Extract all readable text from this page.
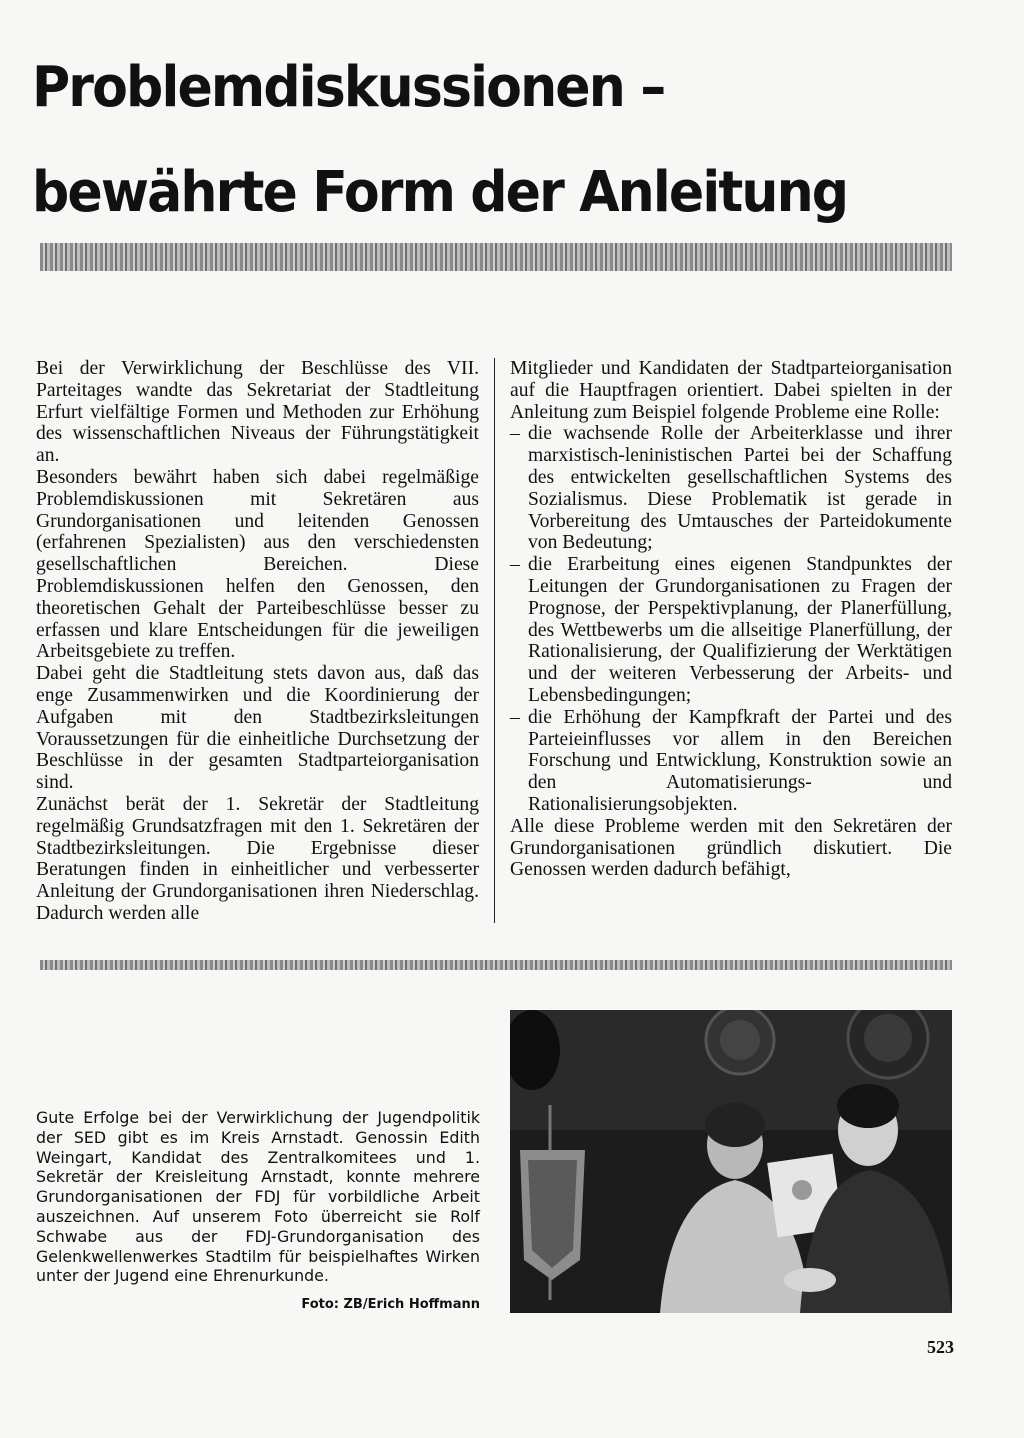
Problemdiskussionen –
bewährte Form der Anleitung

Bei der Verwirklichung der Beschlüsse des VII. Parteitages wandte das Sekretariat der Stadtleitung Erfurt vielfältige Formen und Methoden zur Erhöhung des wissenschaftlichen Niveaus der Führungstätigkeit an.

Besonders bewährt haben sich dabei regelmäßige Problemdiskussionen mit Sekretären aus Grundorganisationen und leitenden Genossen (erfahrenen Spezialisten) aus den verschiedensten gesellschaftlichen Bereichen. Diese Problemdiskussionen helfen den Genossen, den theoretischen Gehalt der Parteibeschlüsse besser zu erfassen und klare Entscheidungen für die jeweiligen Arbeitsgebiete zu treffen.

Dabei geht die Stadtleitung stets davon aus, daß das enge Zusammenwirken und die Koordinierung der Aufgaben mit den Stadtbezirksleitungen Voraussetzungen für die einheitliche Durchsetzung der Beschlüsse in der gesamten Stadtparteiorganisation sind.

Zunächst berät der 1. Sekretär der Stadtleitung regelmäßig Grundsatzfragen mit den 1. Sekretären der Stadtbezirksleitungen. Die Ergebnisse dieser Beratungen finden in einheitlicher und verbesserter Anleitung der Grundorganisationen ihren Niederschlag. Dadurch werden alle

Mitglieder und Kandidaten der Stadtparteiorganisation auf die Hauptfragen orientiert. Dabei spielten in der Anleitung zum Beispiel folgende Probleme eine Rolle:

– die wachsende Rolle der Arbeiterklasse und ihrer marxistisch-leninistischen Partei bei der Schaffung des entwickelten gesellschaftlichen Systems des Sozialismus. Diese Problematik ist gerade in Vorbereitung des Umtausches der Parteidokumente von Bedeutung;
– die Erarbeitung eines eigenen Standpunktes der Leitungen der Grundorganisationen zu Fragen der Prognose, der Perspektivplanung, der Planerfüllung, des Wettbewerbs um die allseitige Planerfüllung, der Rationalisierung, der Qualifizierung der Werktätigen und der weiteren Verbesserung der Arbeits- und Lebensbedingungen;
– die Erhöhung der Kampfkraft der Partei und des Parteieinflusses vor allem in den Bereichen Forschung und Entwicklung, Konstruktion sowie an den Automatisierungs- und Rationalisierungsobjekten.

Alle diese Probleme werden mit den Sekretären der Grundorganisationen gründlich diskutiert. Die Genossen werden dadurch befähigt,

Gute Erfolge bei der Verwirklichung der Jugendpolitik der SED gibt es im Kreis Arnstadt. Genossin Edith Weingart, Kandidat des Zentralkomitees und 1. Sekretär der Kreisleitung Arnstadt, konnte mehrere Grundorganisationen der FDJ für vorbildliche Arbeit auszeichnen. Auf unserem Foto überreicht sie Rolf Schwabe aus der FDJ-Grundorganisation des Gelenkwellenwerkes Stadtilm für beispielhaftes Wirken unter der Jugend eine Ehrenurkunde.

Foto: ZB/Erich Hoffmann

523
